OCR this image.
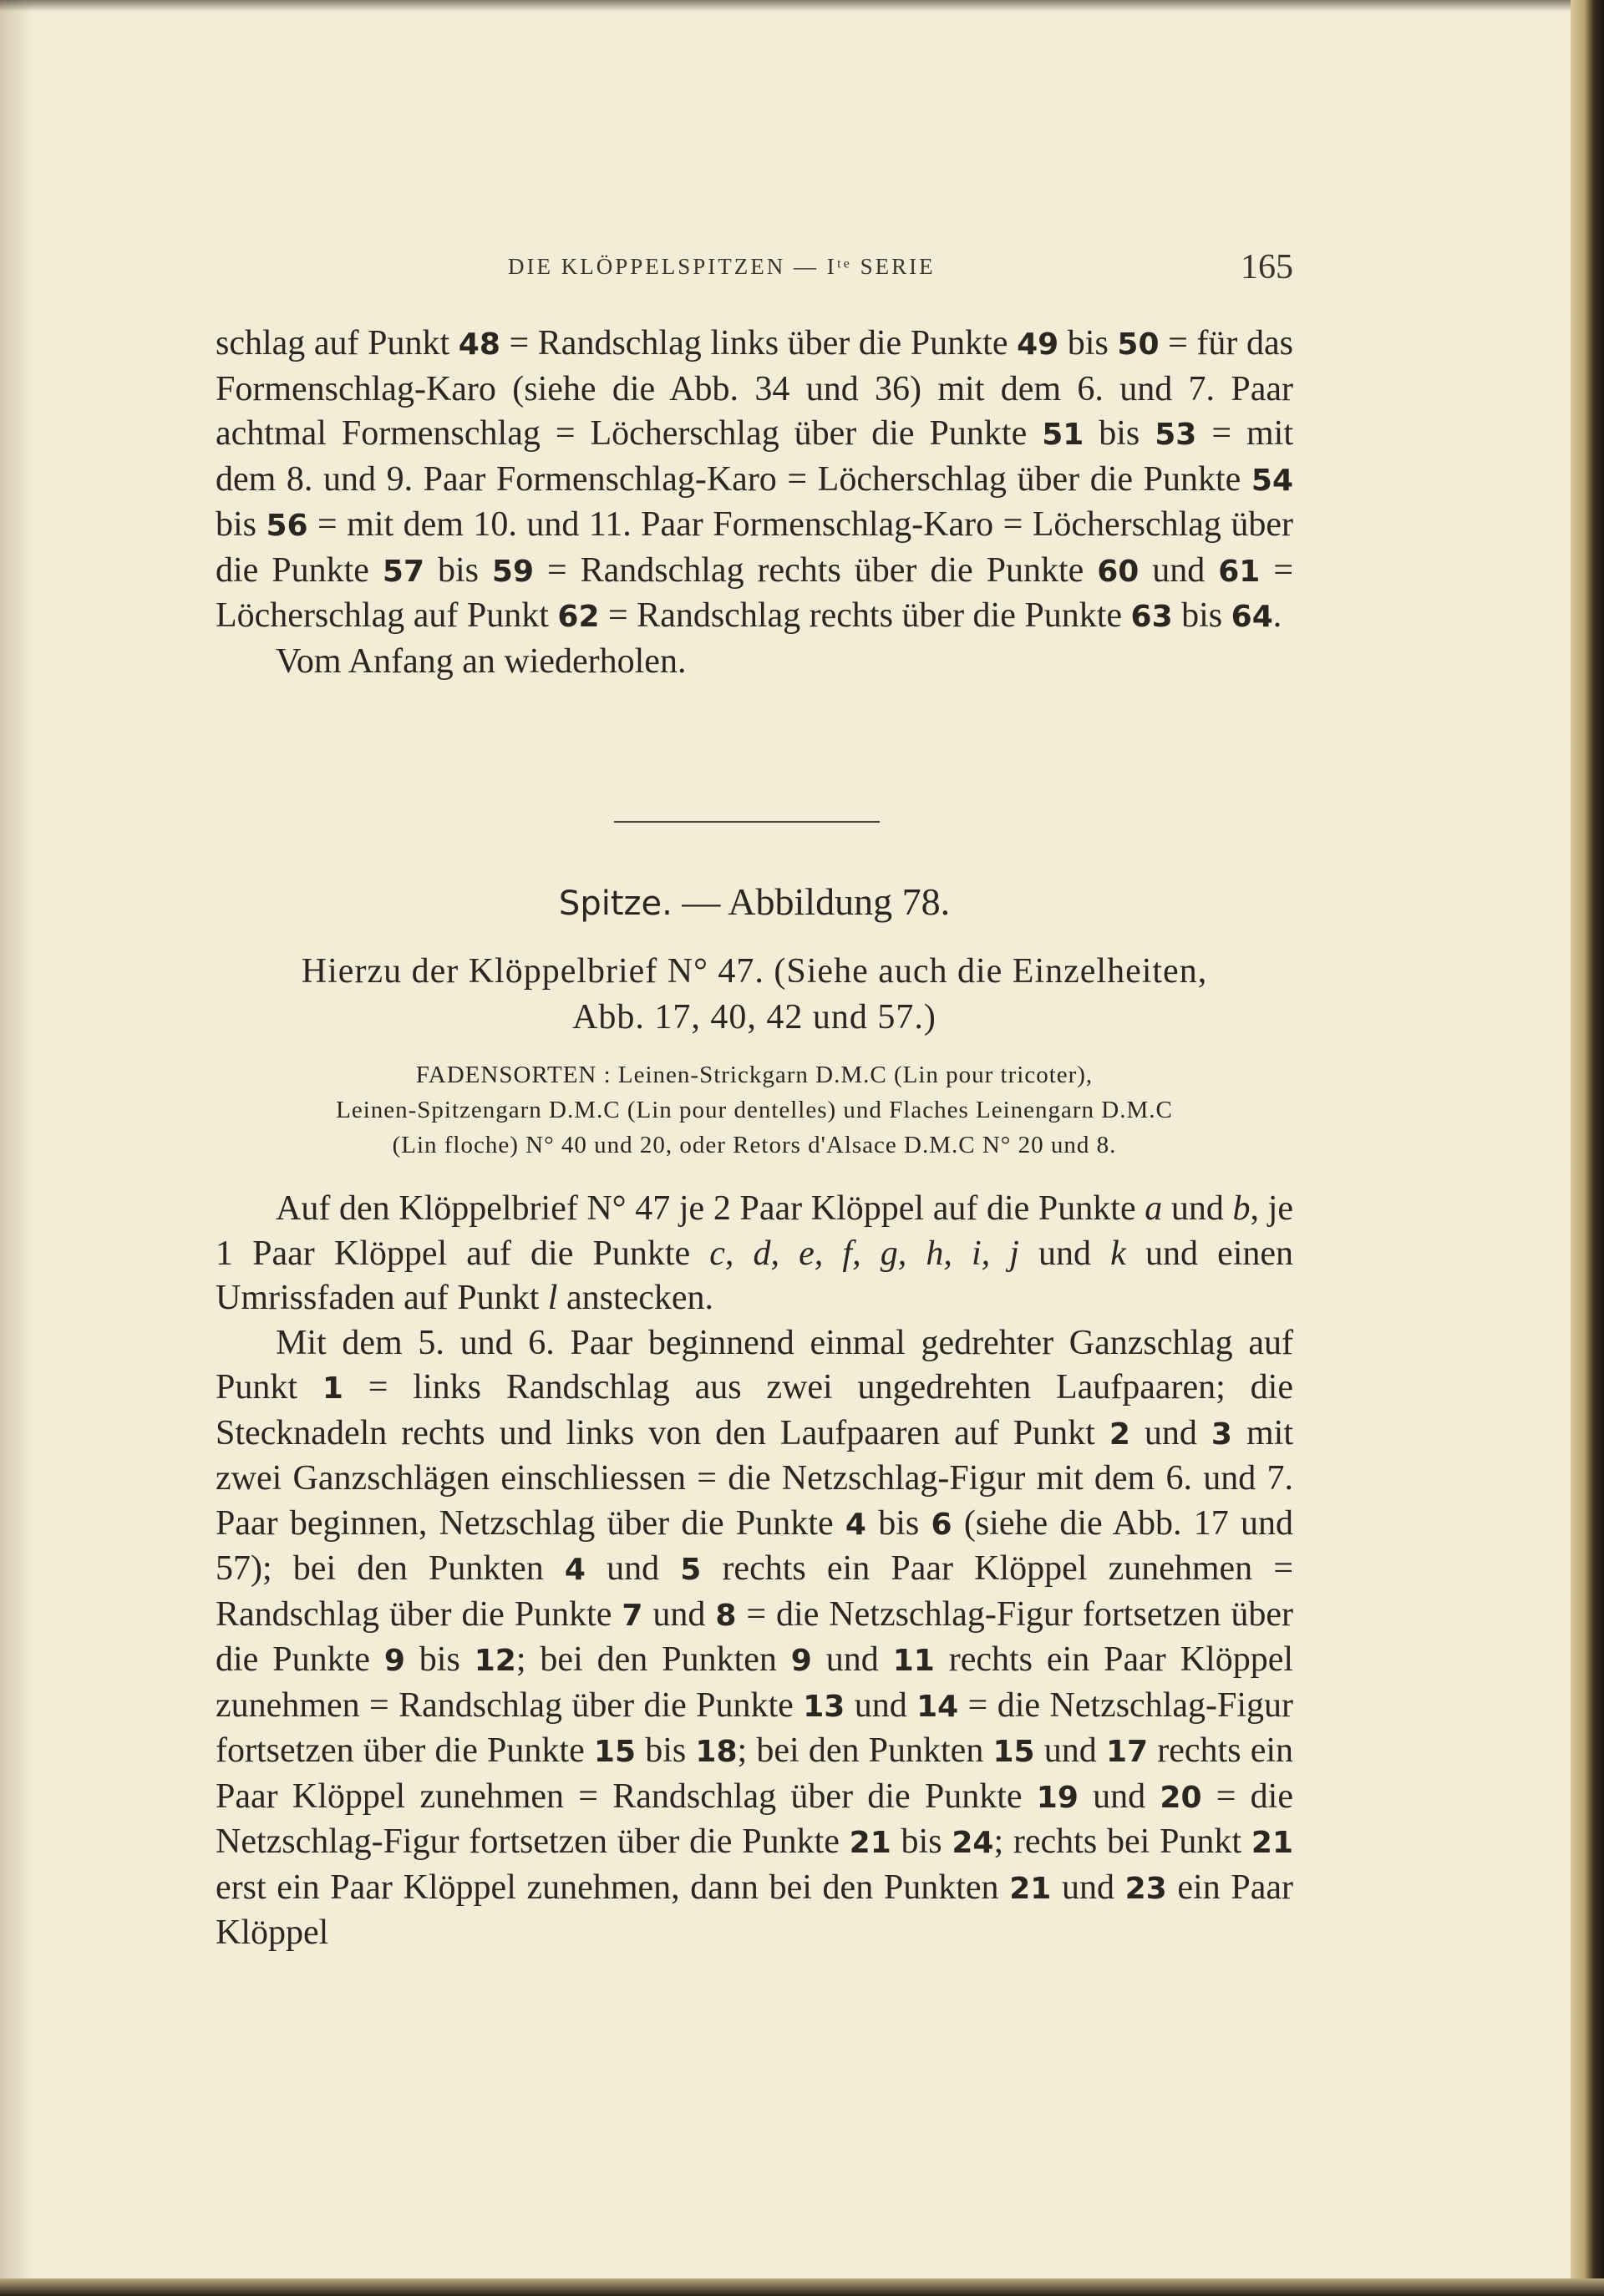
DIE KLÖPPELSPITZEN — Iᵗᵉ SERIE	165

schlag auf Punkt 48 = Randschlag links über die Punkte 49 bis 50 = für das Formenschlag-Karo (siehe die Abb. 34 und 36) mit dem 6. und 7. Paar achtmal Formenschlag = Löcherschlag über die Punkte 51 bis 53 = mit dem 8. und 9. Paar Formenschlag-Karo = Löcherschlag über die Punkte 54 bis 56 = mit dem 10. und 11. Paar Formenschlag-Karo = Löcherschlag über die Punkte 57 bis 59 = Randschlag rechts über die Punkte 60 und 61 = Löcherschlag auf Punkt 62 = Randschlag rechts über die Punkte 63 bis 64.

Vom Anfang an wiederholen.

Spitze. — Abbildung 78.
Hierzu der Klöppelbrief N° 47. (Siehe auch die Einzelheiten,
Abb. 17, 40, 42 und 57.)
FADENSORTEN : Leinen-Strickgarn D.M.C (Lin pour tricoter),
Leinen-Spitzengarn D.M.C (Lin pour dentelles) und Flaches Leinengarn D.M.C
(Lin floche) N° 40 und 20, oder Retors d'Alsace D.M.C N° 20 und 8.

Auf den Klöppelbrief N° 47 je 2 Paar Klöppel auf die Punkte a und b, je 1 Paar Klöppel auf die Punkte c, d, e, f, g, h, i, j und k und einen Umrissfaden auf Punkt l anstecken.

Mit dem 5. und 6. Paar beginnend einmal gedrehter Ganzschlag auf Punkt 1 = links Randschlag aus zwei ungedrehten Laufpaaren; die Stecknadeln rechts und links von den Laufpaaren auf Punkt 2 und 3 mit zwei Ganzschlägen einschliessen = die Netzschlag-Figur mit dem 6. und 7. Paar beginnen, Netzschlag über die Punkte 4 bis 6 (siehe die Abb. 17 und 57); bei den Punkten 4 und 5 rechts ein Paar Klöppel zunehmen = Randschlag über die Punkte 7 und 8 = die Netzschlag-Figur fortsetzen über die Punkte 9 bis 12; bei den Punkten 9 und 11 rechts ein Paar Klöppel zunehmen = Randschlag über die Punkte 13 und 14 = die Netzschlag-Figur fortsetzen über die Punkte 15 bis 18; bei den Punkten 15 und 17 rechts ein Paar Klöppel zunehmen = Randschlag über die Punkte 19 und 20 = die Netzschlag-Figur fortsetzen über die Punkte 21 bis 24; rechts bei Punkt 21 erst ein Paar Klöppel zunehmen, dann bei den Punkten 21 und 23 ein Paar Klöppel
